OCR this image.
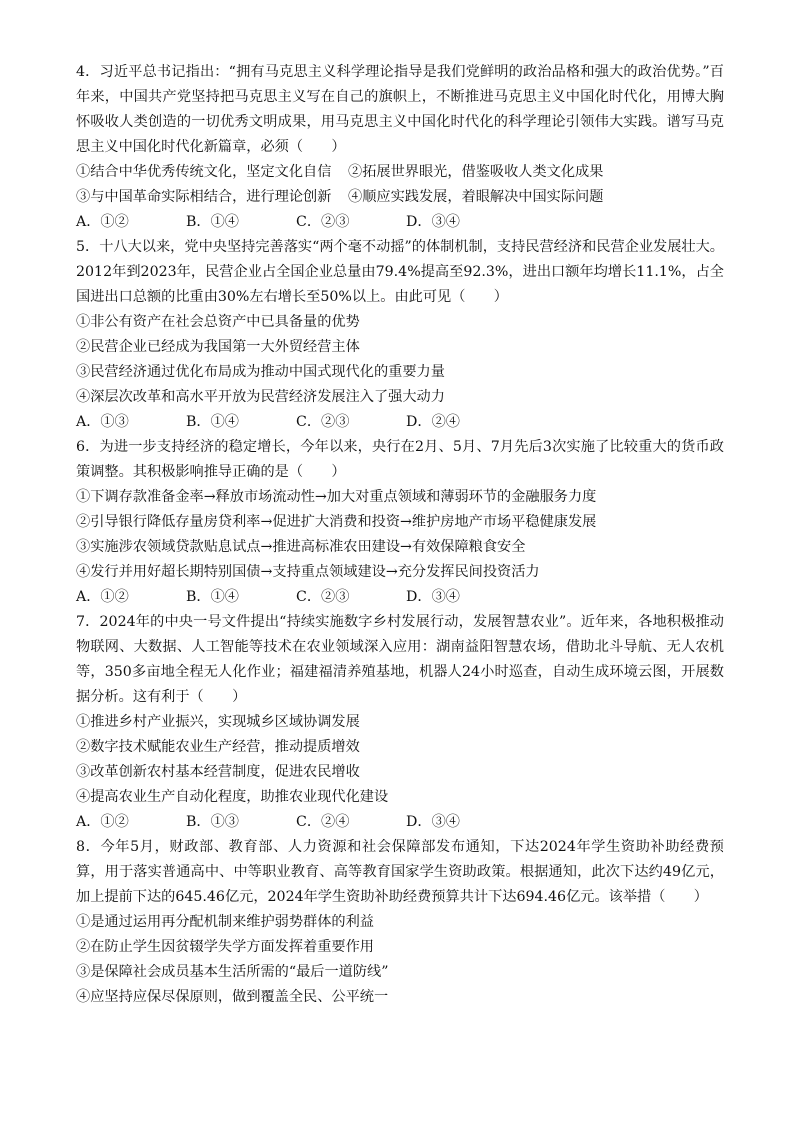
4．习近平总书记指出：“拥有马克思主义科学理论指导是我们党鲜明的政治品格和强大的政治优势。”百年来，中国共产党坚持把马克思主义写在自己的旗帜上，不断推进马克思主义中国化时代化，用博大胸怀吸收人类创造的一切优秀文明成果，用马克思主义中国化时代化的科学理论引领伟大实践。谱写马克思主义中国化时代化新篇章，必须（　　）

①结合中华优秀传统文化，坚定文化自信 ②拓展世界眼光，借鉴吸收人类文化成果
③与中国革命实际相结合，进行理论创新 ④顺应实践发展，着眼解决中国实际问题
A．①②	B．①④	C．②③	D．③④

5．十八大以来，党中央坚持完善落实“两个毫不动摇”的体制机制，支持民营经济和民营企业发展壮大。2012年到2023年，民营企业占全国企业总量由79.4%提高至92.3%，进出口额年均增长11.1%，占全国进出口总额的比重由30%左右增长至50%以上。由此可见（　　）

①非公有资产在社会总资产中已具备量的优势
②民营企业已经成为我国第一大外贸经营主体
③民营经济通过优化布局成为推动中国式现代化的重要力量
④深层次改革和高水平开放为民营经济发展注入了强大动力
A．①③	B．①④	C．②③	D．②④

6．为进一步支持经济的稳定增长，今年以来，央行在2月、5月、7月先后3次实施了比较重大的货币政策调整。其积极影响推导正确的是（　　）

①下调存款准备金率→释放市场流动性→加大对重点领域和薄弱环节的金融服务力度
②引导银行降低存量房贷利率→促进扩大消费和投资→维护房地产市场平稳健康发展
③实施涉农领域贷款贴息试点→推进高标准农田建设→有效保障粮食安全
④发行并用好超长期特别国债→支持重点领域建设→充分发挥民间投资活力
A．①②	B．①④	C．②③	D．③④

7．2024年的中央一号文件提出“持续实施数字乡村发展行动，发展智慧农业”。近年来，各地积极推动物联网、大数据、人工智能等技术在农业领域深入应用：湖南益阳智慧农场，借助北斗导航、无人农机等，350多亩地全程无人化作业；福建福清养殖基地，机器人24小时巡查，自动生成环境云图，开展数据分析。这有利于（　　）

①推进乡村产业振兴，实现城乡区域协调发展
②数字技术赋能农业生产经营，推动提质增效
③改革创新农村基本经营制度，促进农民增收
④提高农业生产自动化程度，助推农业现代化建设
A．①②	B．①③	C．②④	D．③④

8．今年5月，财政部、教育部、人力资源和社会保障部发布通知，下达2024年学生资助补助经费预算，用于落实普通高中、中等职业教育、高等教育国家学生资助政策。根据通知，此次下达约49亿元，加上提前下达的645.46亿元，2024年学生资助补助经费预算共计下达694.46亿元。该举措（　　）

①是通过运用再分配机制来维护弱势群体的利益
②在防止学生因贫辍学失学方面发挥着重要作用
③是保障社会成员基本生活所需的“最后一道防线”
④应坚持应保尽保原则，做到覆盖全民、公平统一
